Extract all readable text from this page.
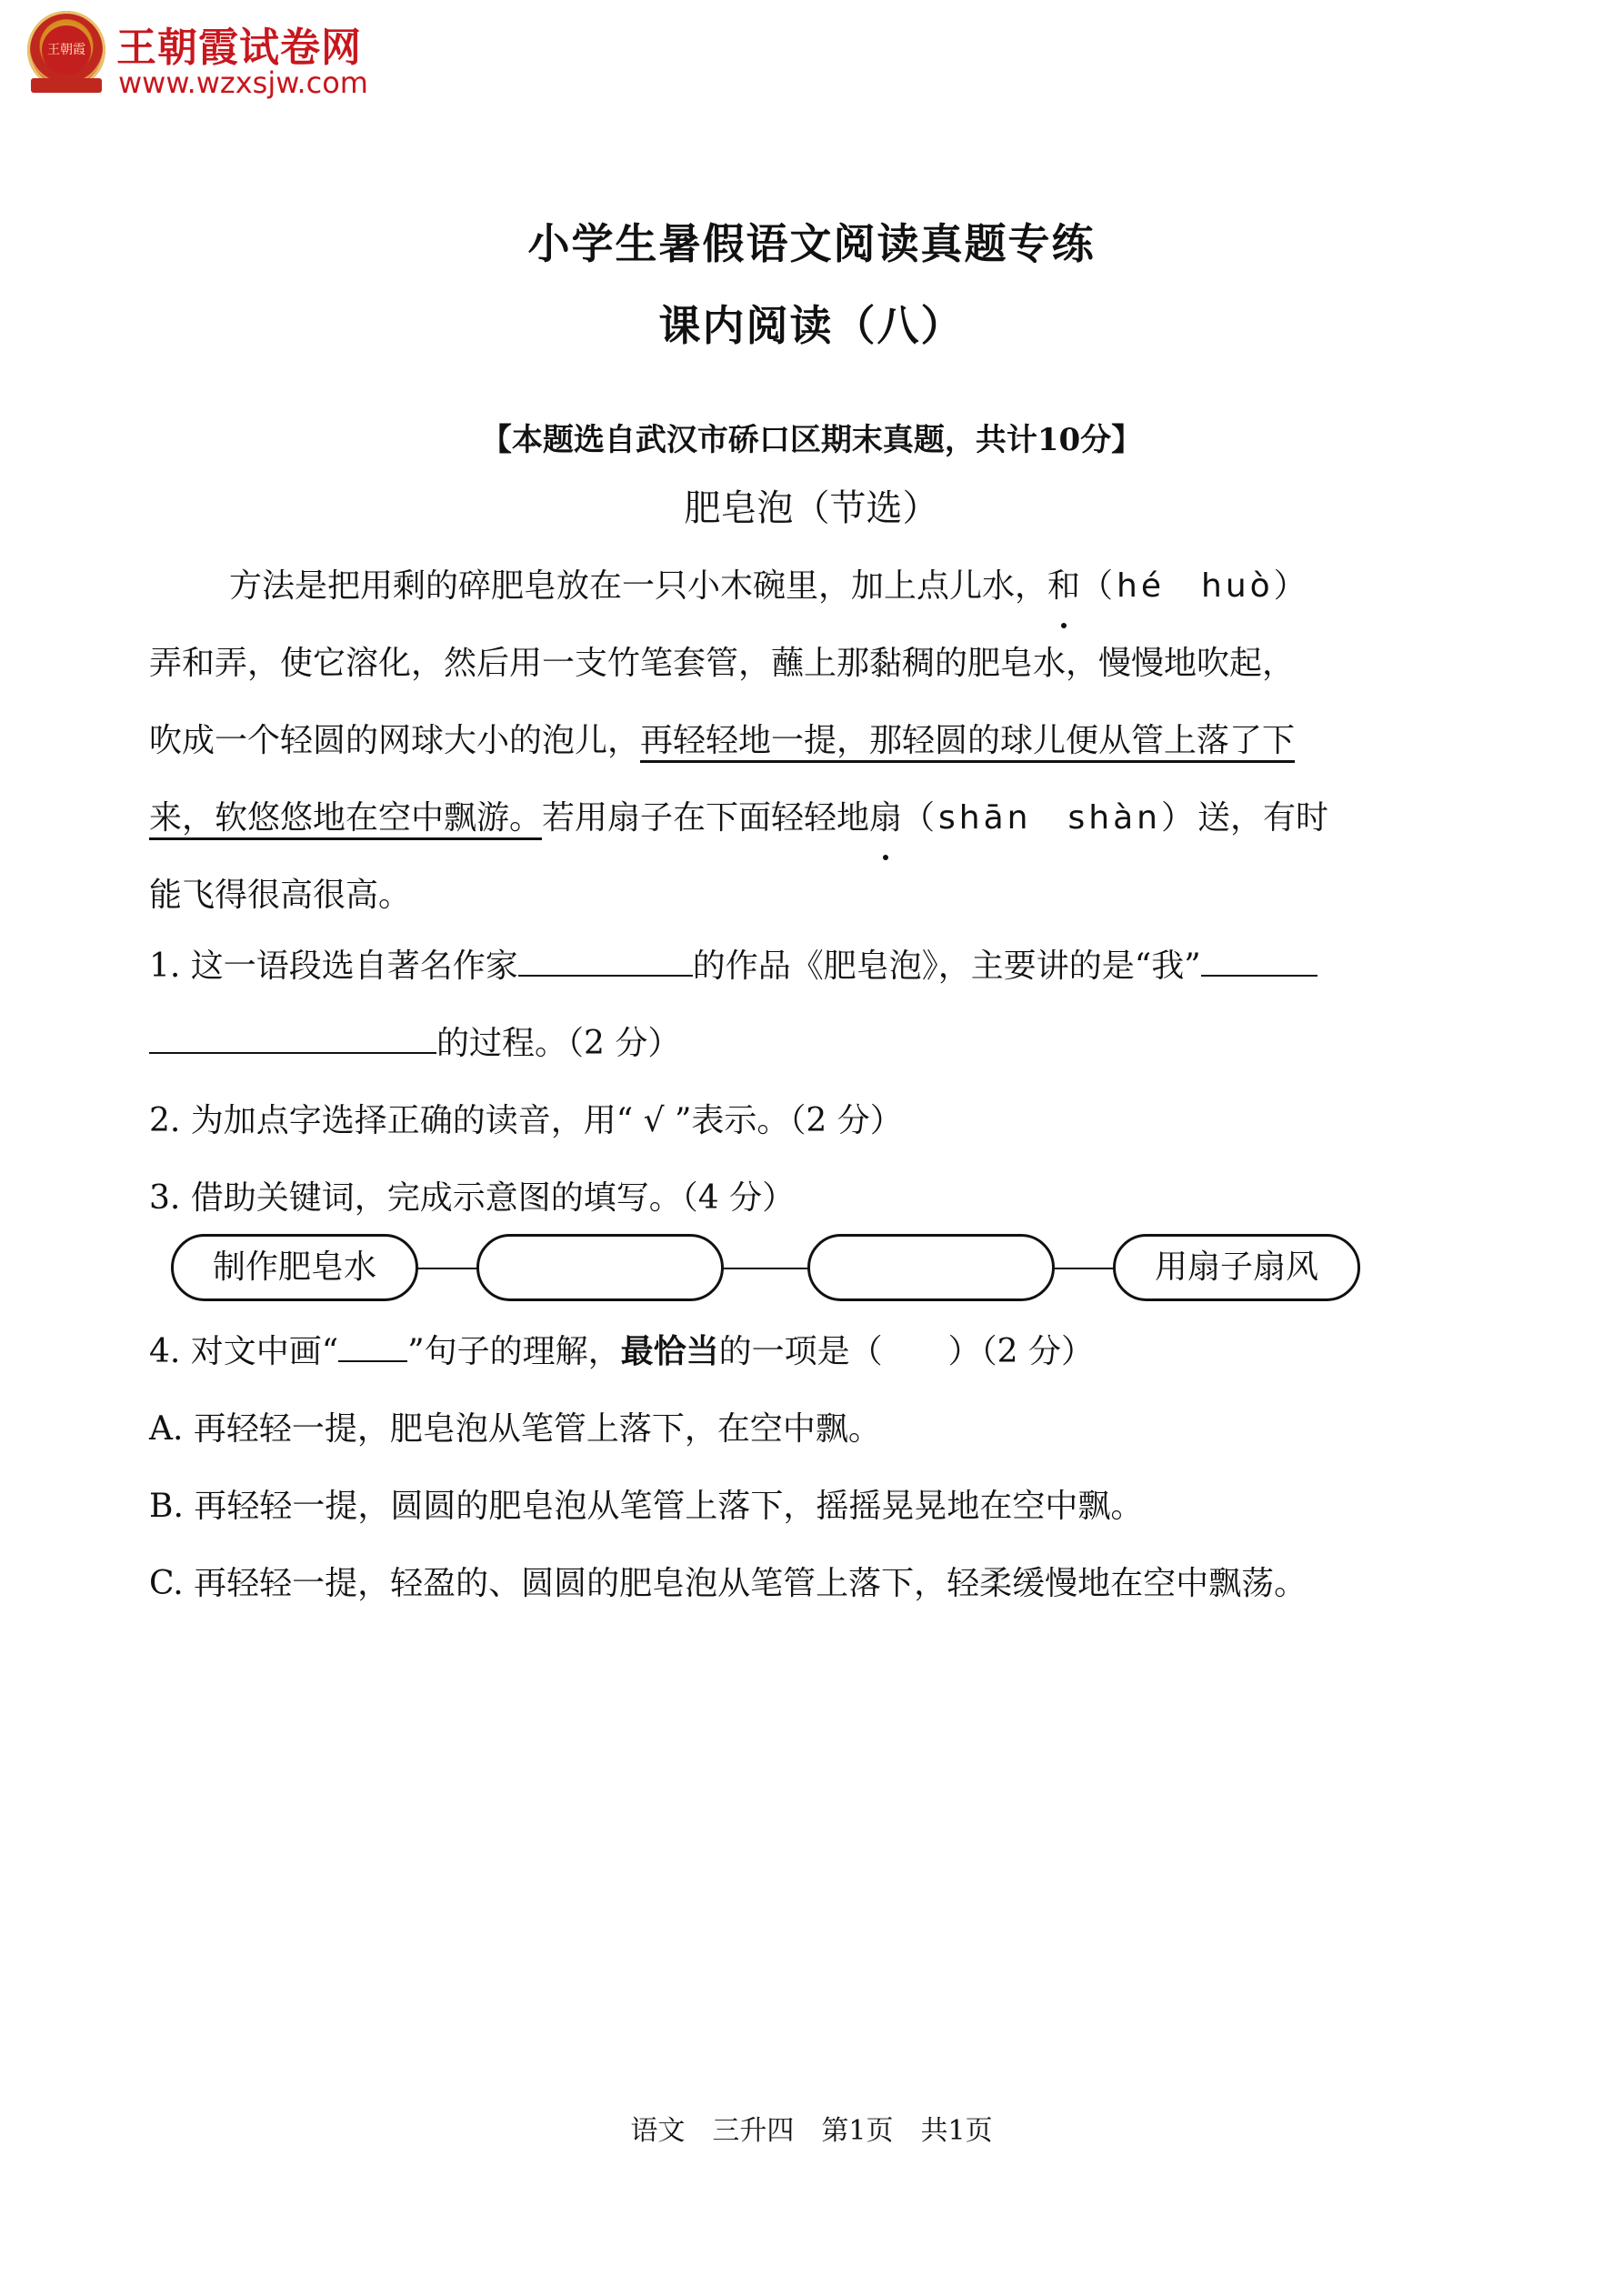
王朝霞 王朝霞试卷网
www.wzxsjw.com
小学生暑假语文阅读真题专练
课内阅读（八）
【本题选自武汉市硚口区期末真题，共计10分】
肥皂泡（节选）
方法是把用剩的碎肥皂放在一只小木碗里，加上点儿水，和（hé　huò）
弄和弄，使它溶化，然后用一支竹笔套管，蘸上那黏稠的肥皂水，慢慢地吹起，
吹成一个轻圆的网球大小的泡儿，再轻轻地一提，那轻圆的球儿便从管上落了下
来，软悠悠地在空中飘游。若用扇子在下面轻轻地扇（shān　shàn）送，有时
能飞得很高很高。
1. 这一语段选自著名作家	的作品《肥皂泡》，主要讲的是“我”
的过程。（2 分）
2. 为加点字选择正确的读音，用“ √ ”表示。（2 分）
3. 借助关键词，完成示意图的填写。（4 分）
制作肥皂水	用扇子扇风
4. 对文中画“ ”句子的理解，最恰当的一项是（　　）（2 分）
A. 再轻轻一提，肥皂泡从笔管上落下，在空中飘。
B. 再轻轻一提，圆圆的肥皂泡从笔管上落下，摇摇晃晃地在空中飘。
C. 再轻轻一提，轻盈的、圆圆的肥皂泡从笔管上落下，轻柔缓慢地在空中飘荡。
语文　三升四　第1页　共1页
